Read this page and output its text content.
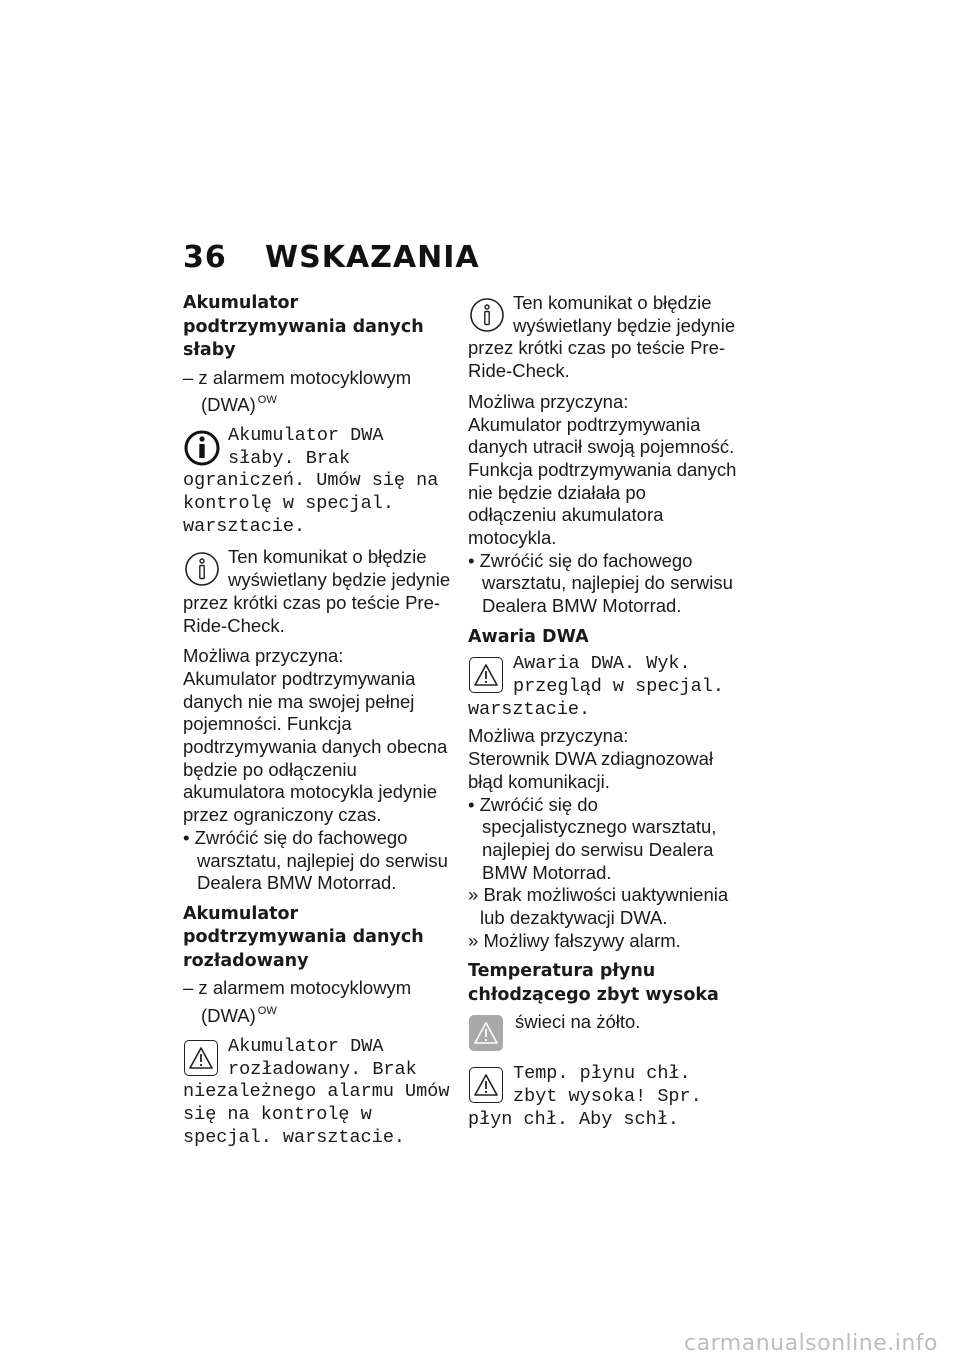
36 WSKAZANIA

Akumulator podtrzymywania danych słaby

– z alarmem motocyklowym (DWA) $^{OW}$

Akumulator DWA słaby. Brak ograniczeń. Umów się na kontrolę w specjal. warsztacie.
Ten komunikat o błędzie wyświetlany będzie jedynie przez krótki czas po teście Pre-Ride-Check.

Możliwa przyczyna:

Akumulator podtrzymywania danych nie ma swojej pełnej pojemności. Funkcja podtrzymywania danych obecna będzie po odłączeniu akumulatora motocykla jedynie przez ograniczony czas.

• Zwróćić się do fachowego warsztatu, najlepiej do serwisu Dealera BMW Motorrad.

Akumulator podtrzymywania danych rozładowany

– z alarmem motocyklowym (DWA) $^{OW}$

Akumulator DWA rozładowany. Brak niezależnego alarmu Umów się na kontrolę w specjal. warsztacie.
Ten komunikat o błędzie wyświetlany będzie jedynie przez krótki czas po teście Pre-Ride-Check.

Możliwa przyczyna:

Akumulator podtrzymywania danych utracił swoją pojemność. Funkcja podtrzymywania danych nie będzie działała po odłączeniu akumulatora motocykla.

• Zwróćić się do fachowego warsztatu, najlepiej do serwisu Dealera BMW Motorrad.

Awaria DWA

Awaria DWA. Wyk. przegląd w specjal. warsztacie.

Możliwa przyczyna:

Sterownik DWA zdiagnozował błąd komunikacji.

• Zwróćić się do specjalistycznego warsztatu, najlepiej do serwisu Dealera BMW Motorrad.

» Brak możliwości uaktywnienia lub dezaktywacji DWA.

» Możliwy fałszywy alarm.

Temperatura płynu chłodzącego zbyt wysoka

świeci na żółto.
Temp. płynu chł. zbyt wysoka! Spr. płyn chł. Aby schł.
carmanualsonline.info
